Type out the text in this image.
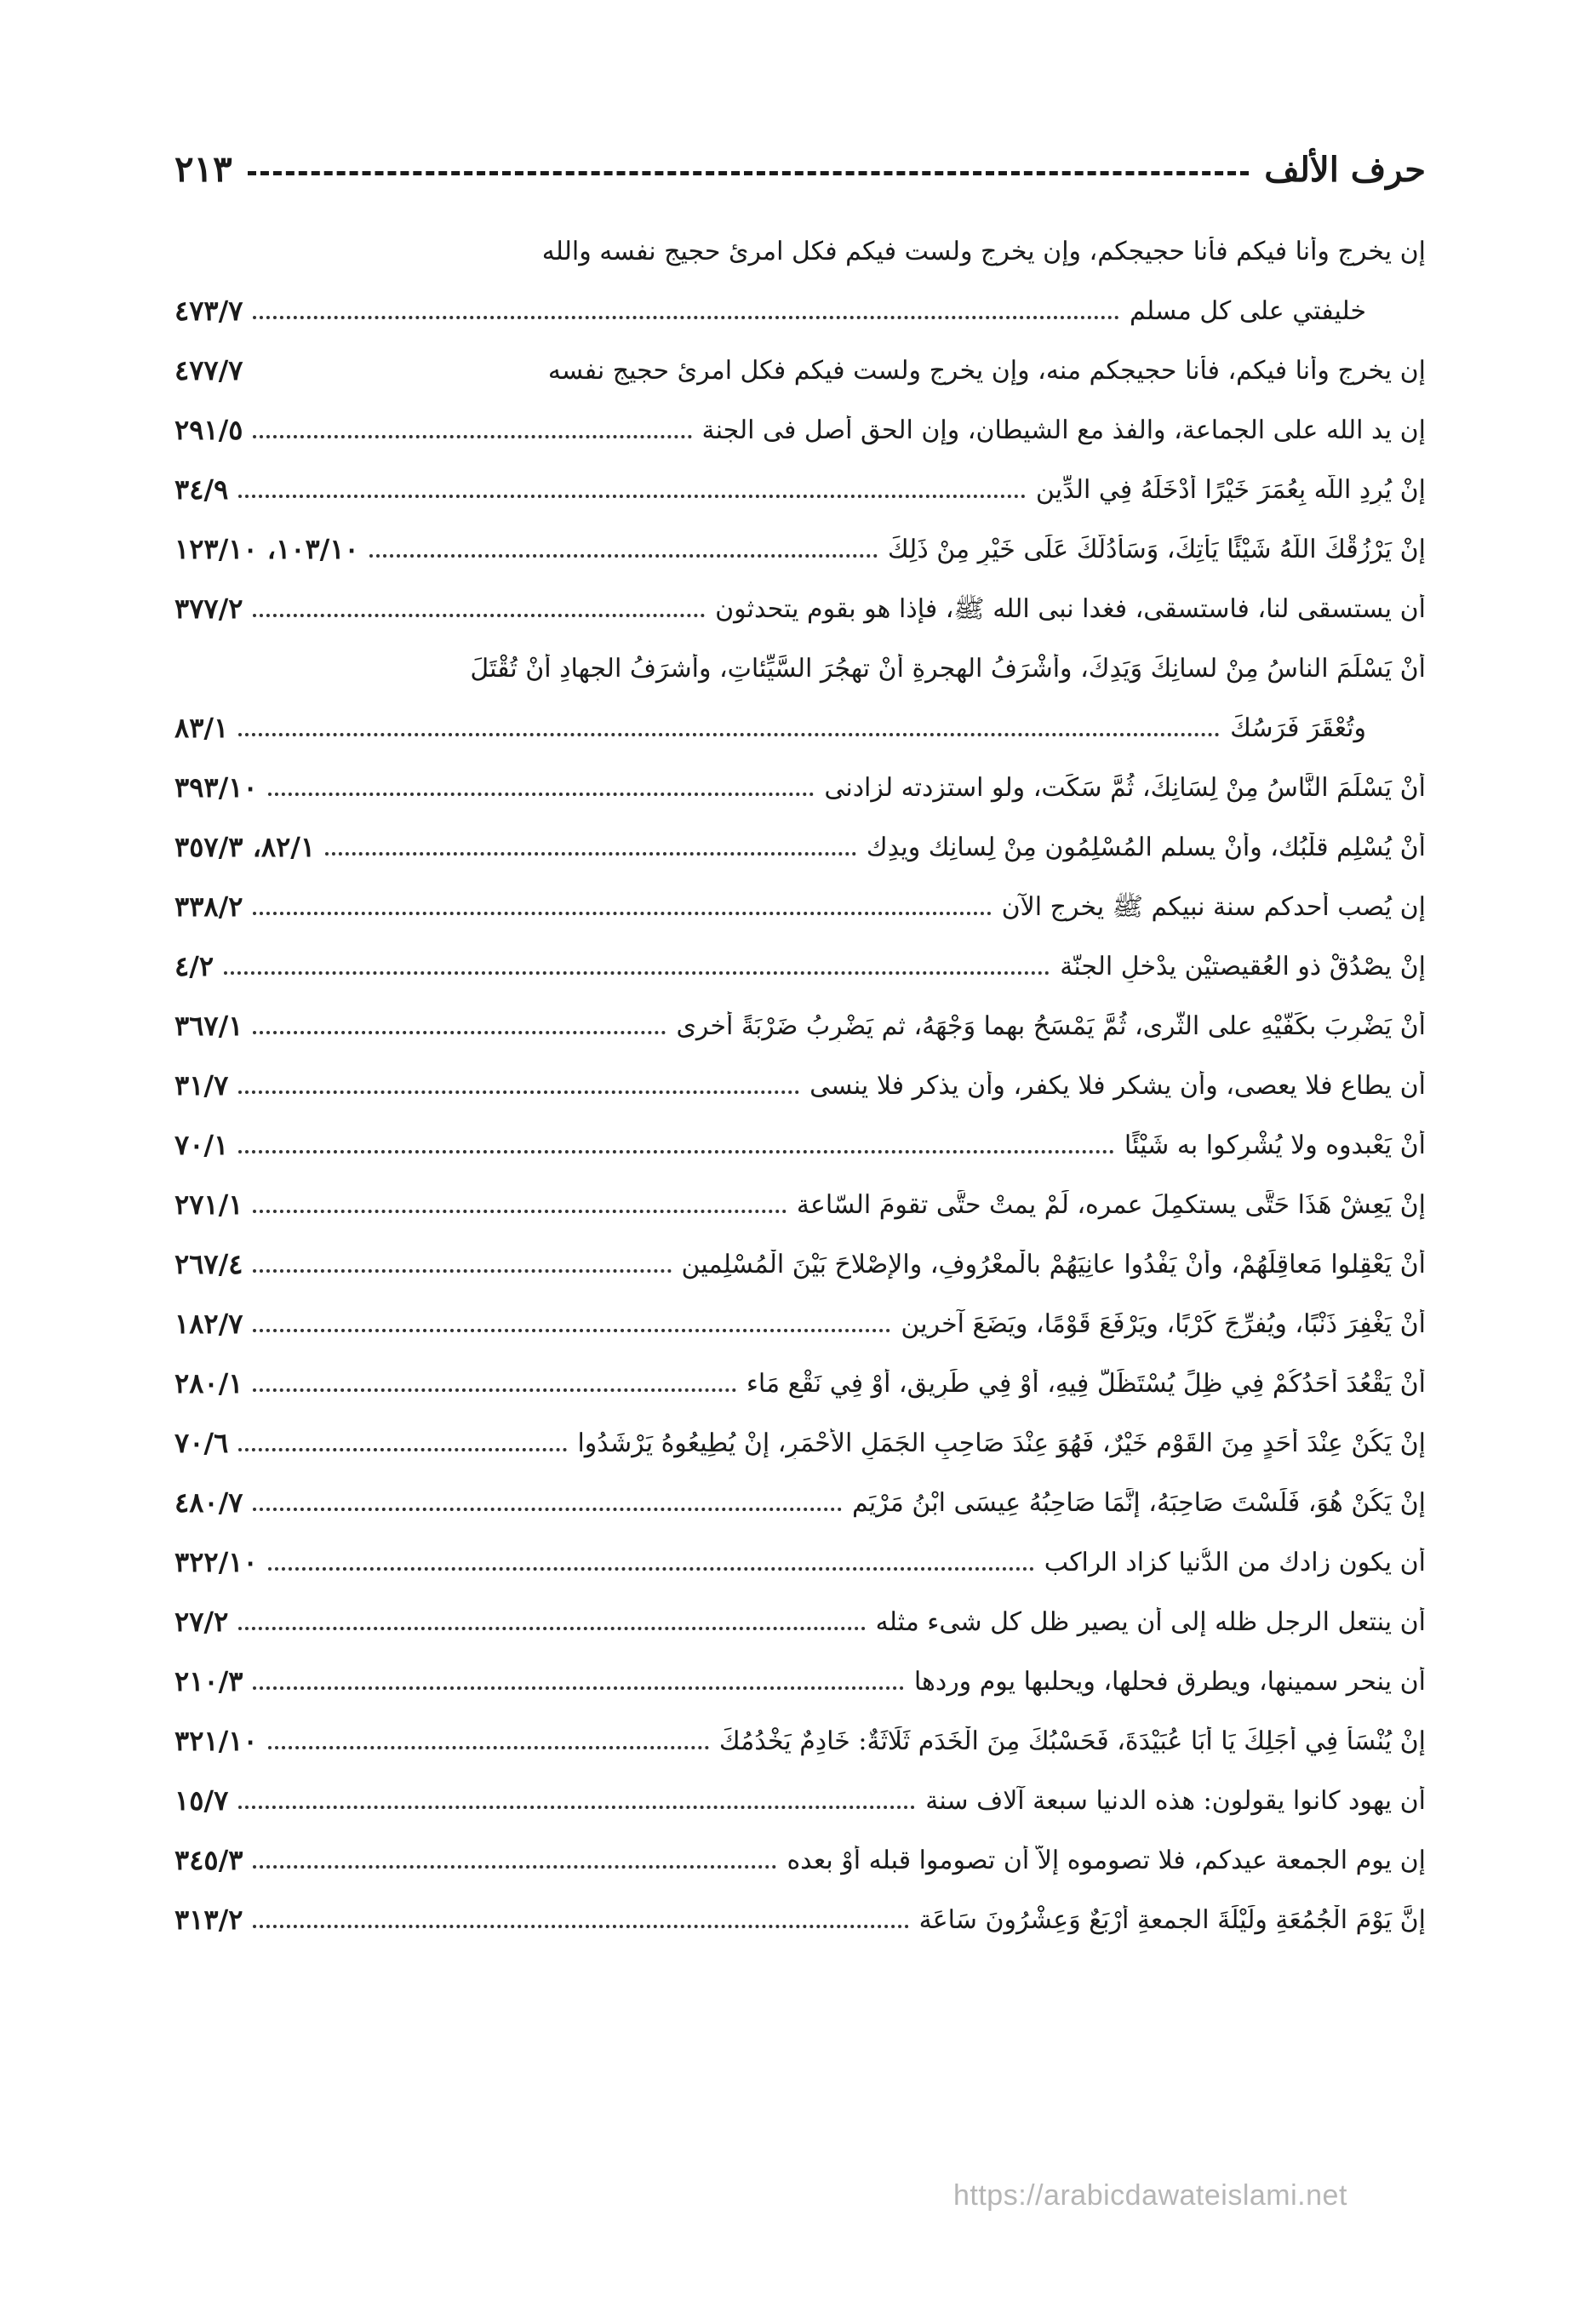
حرف الألف
٢١٣
إن يخرج وأنا فيكم فأنا حجيجكم، وإن يخرج ولست فيكم فكل امرئ حجيج نفسه والله
خليفتي على كل مسلم
٤٧٣/٧
إن يخرج وأنا فيكم، فأنا حجيجكم منه، وإن يخرج ولست فيكم فكل امرئ حجيج نفسه
٤٧٧/٧
إن يد الله على الجماعة، والفذ مع الشيطان، وإن الحق أصل فى الجنة
٢٩١/٥
إنْ يُرِدِ اللَّه بِعُمَرَ خَيْرًا أَدْخَلَهُ فِي الدِّين
٣٤/٩
إنْ يَرْزُقْكَ اللَّهُ شَيْئًا يَأتِكَ، وَسَأدُلُّكَ عَلَى خَيْرٍ مِنْ ذَلِكَ
١٠٣/١٠، ١٢٣/١٠
أن يستسقى لنا، فاستسقى، فغدا نبى الله ﷺ، فإذا هو بقوم يتحدثون
٣٧٧/٢
أنْ يَسْلَمَ الناسُ مِنْ لسانِكَ وَيَدِكَ، وأشْرَفُ الهجرةِ أنْ تهجُرَ السَّيِّئاتِ، وأشرَفُ الجهادِ أنْ تُقْتَلَ
وتُعْقَرَ فَرَسُكَ
٨٣/١
أنْ يَسْلَمَ النَّاسُ مِنْ لِسَانِكَ، ثُمَّ سَكَت، ولو استزدته لزادنى
٣٩٣/١٠
أنْ يُسْلِم قلْبُك، وأنْ يسلم المُسْلِمُون مِنْ لِسانِك ويدِك
٨٢/١، ٣٥٧/٣
إن يُصب أحدكم سنة نبيكم ﷺ يخرج الآن
٣٣٨/٢
إنْ يصْدُقْ ذو العُقيصتيْن يدْخلِ الجنّة
٤/٢
أنْ يَضْرِبَ بكَفَّيْهِ على الثَّرى، ثُمَّ يَمْسَحُ بهما وَجْهَهُ، ثم يَضْرِبُ ضَرْبَةً أخرى
٣٦٧/١
أن يطاع فلا يعصى، وأن يشكر فلا يكفر، وأن يذكر فلا ينسى
٣١/٧
أنْ يَعْبدوه ولا يُشْرِكوا به شَيْئًا
٧٠/١
إنْ يَعِشْ هَذَا حَتَّى يستكمِلَ عمره، لَمْ يمتْ حتَّى تقومَ السّاعة
٢٧١/١
أنْ يَعْقِلوا مَعاقِلَهُمْ، وأنْ يَفْدُوا عانِيَهُمْ بالْمعْرُوفِ، والإصْلاحَ بَيْنَ الْمُسْلِمين
٢٦٧/٤
أنْ يَغْفِرَ ذَنْبًا، ويُفرِّجَ كَرْبًا، ويَرْفَعَ قَوْمًا، ويَضَعَ آخرين
١٨٢/٧
أنْ يَقْعُدَ أحَدُكُمْ فِي ظِلٍّ يُسْتَظَلُّ فِيهِ، أوْ فِي طَرِيقٍ، أوْ فِي نَقْعِ مَاء
٢٨٠/١
إنْ يَكُنْ عِنْدَ أحَدٍ مِنَ القَوْمِ خَيْرٌ، فَهُوَ عِنْدَ صَاحِبِ الجَمَلِ الأحْمَرِ، إنْ يُطِيعُوهُ يَرْشَدُوا
٧٠/٦
إنْ يَكُنْ هُوَ، فَلَسْتَ صَاحِبَهُ، إنَّمَا صَاحِبُهُ عِيسَى ابْنُ مَرْيَم
٤٨٠/٧
أن يكون زادك من الدُّنيا كزاد الراكب
٣٢٢/١٠
أن ينتعل الرجل ظله إلى أن يصير ظل كل شىء مثله
٢٧/٢
أن ينحر سمينها، ويطرق فحلها، ويحلبها يوم وردها
٢١٠/٣
إنْ يُنْسَأ فِي أجَلِكَ يَا أبَا عُبَيْدَةَ، فَحَسْبُكَ مِنَ الْخَدَمِ ثَلَاثَةٌ: خَادِمٌ يَخْدُمُكَ
٣٢١/١٠
أن يهود كانوا يقولون: هذه الدنيا سبعة آلاف سنة
١٥/٧
إن يوم الجمعة عيدكم، فلا تصوموه إلاَّ أن تصوموا قبله أوْ بعده
٣٤٥/٣
إنَّ يَوْمَ الْجُمُعَةِ ولَيْلَةَ الجمعةِ أرْبَعٌ وَعِشْرُونَ سَاعَة
٣١٣/٢
https://arabicdawateislami.net
